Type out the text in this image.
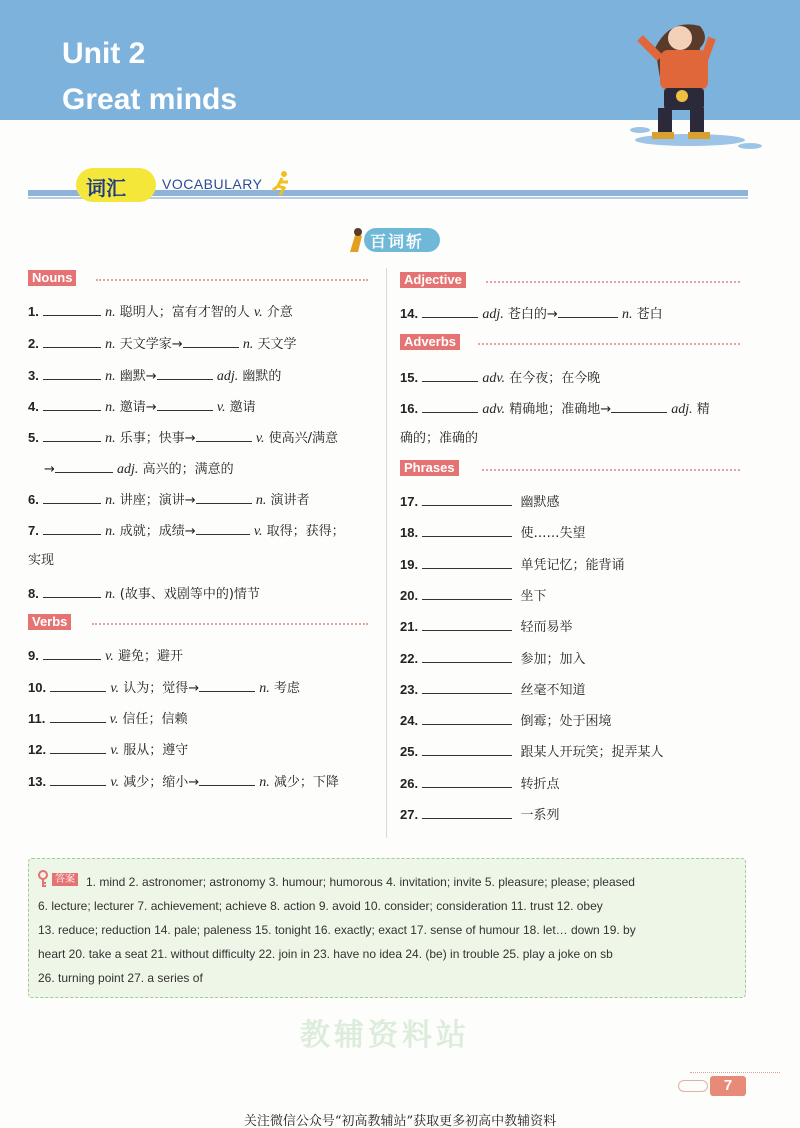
Unit 2
Great minds
词汇	VOCABULARY
百词斩
Nouns
1.	n. 聪明人；富有才智的人 v. 介意
2.	n. 天文学家→	n. 天文学
3.	n. 幽默→	adj. 幽默的
4.	n. 邀请→	v. 邀请
5.	n. 乐事；快事→	v. 使高兴/满意
→	adj. 高兴的；满意的
6.	n. 讲座；演讲→	n. 演讲者
7.	n. 成就；成绩→	v. 取得；获得；
实现
8.	n. (故事、戏剧等中的)情节
Verbs
9.	v. 避免；避开
10.	v. 认为；觉得→	n. 考虑
11.	v. 信任；信赖
12.	v. 服从；遵守
13.	v. 减少；缩小→	n. 减少；下降
Adjective
14.	adj. 苍白的→	n. 苍白
Adverbs
15.	adv. 在今夜；在今晚
16.	adv. 精确地；准确地→	adj. 精
确的；准确的
Phrases
17.	幽默感
18.	使……失望
19.	单凭记忆；能背诵
20.	坐下
21.	轻而易举
22.	参加；加入
23.	丝毫不知道
24.	倒霉；处于困境
25.	跟某人开玩笑；捉弄某人
26.	转折点
27.	一系列
教辅资料站
答案 1. mind 2. astronomer; astronomy 3. humour; humorous 4. invitation; invite 5. pleasure; please; pleased
6. lecture; lecturer 7. achievement; achieve 8. action 9. avoid 10. consider; consideration 11. trust 12. obey
13. reduce; reduction 14. pale; paleness 15. tonight 16. exactly; exact 17. sense of humour 18. let… down 19. by
heart 20. take a seat 21. without difficulty 22. join in 23. have no idea 24. (be) in trouble 25. play a joke on sb
26. turning point 27. a series of
7
关注微信公众号“初高教辅站”获取更多初高中教辅资料
